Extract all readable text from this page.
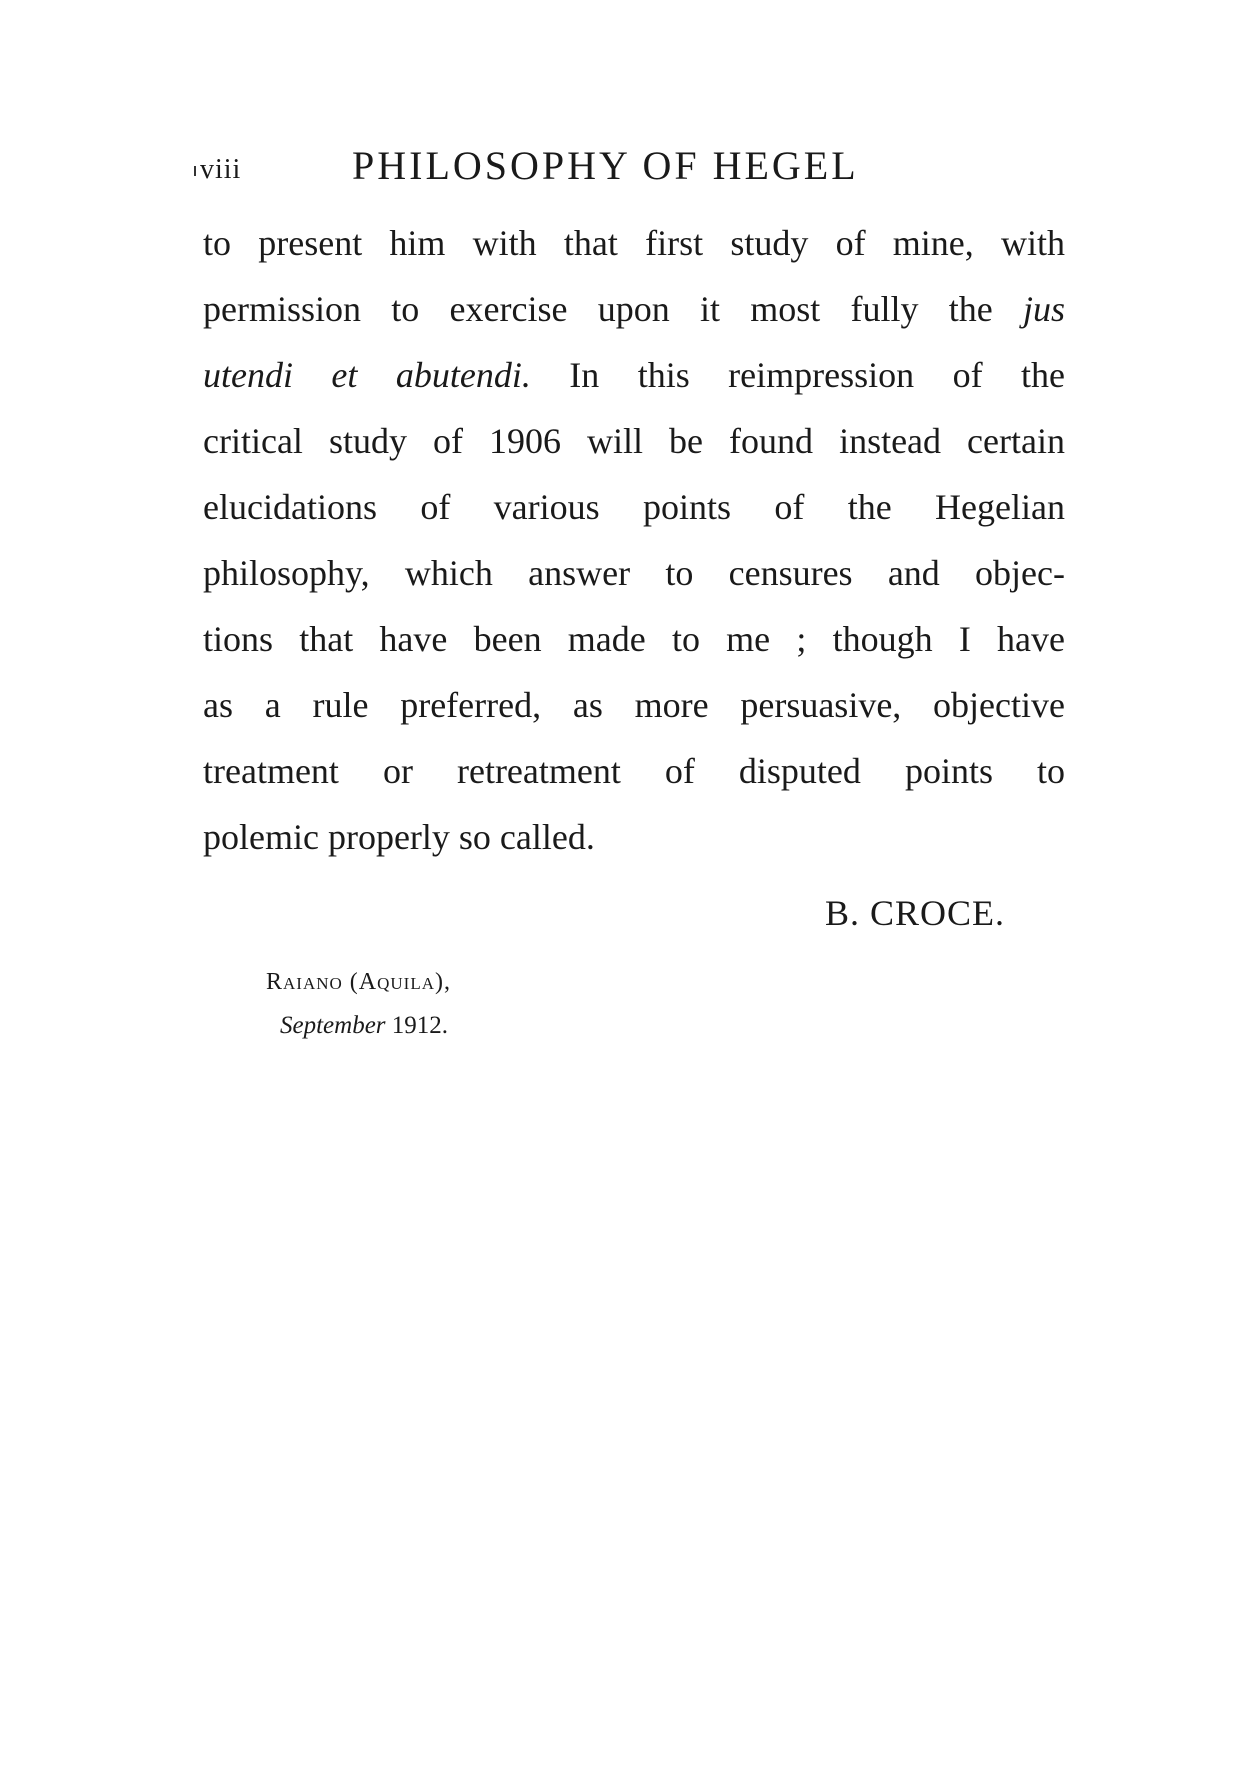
viii	PHILOSOPHY OF HEGEL
to present him with that first study of mine, with
permission to exercise upon it most fully the jus
utendi et abutendi. In this reimpression of the
critical study of 1906 will be found instead certain
elucidations of various points of the Hegelian
philosophy, which answer to censures and objec-
tions that have been made to me ; though I have
as a rule preferred, as more persuasive, objective
treatment or retreatment of disputed points to
polemic properly so called.
B. CROCE.
Raiano (Aquila),
September 1912.
